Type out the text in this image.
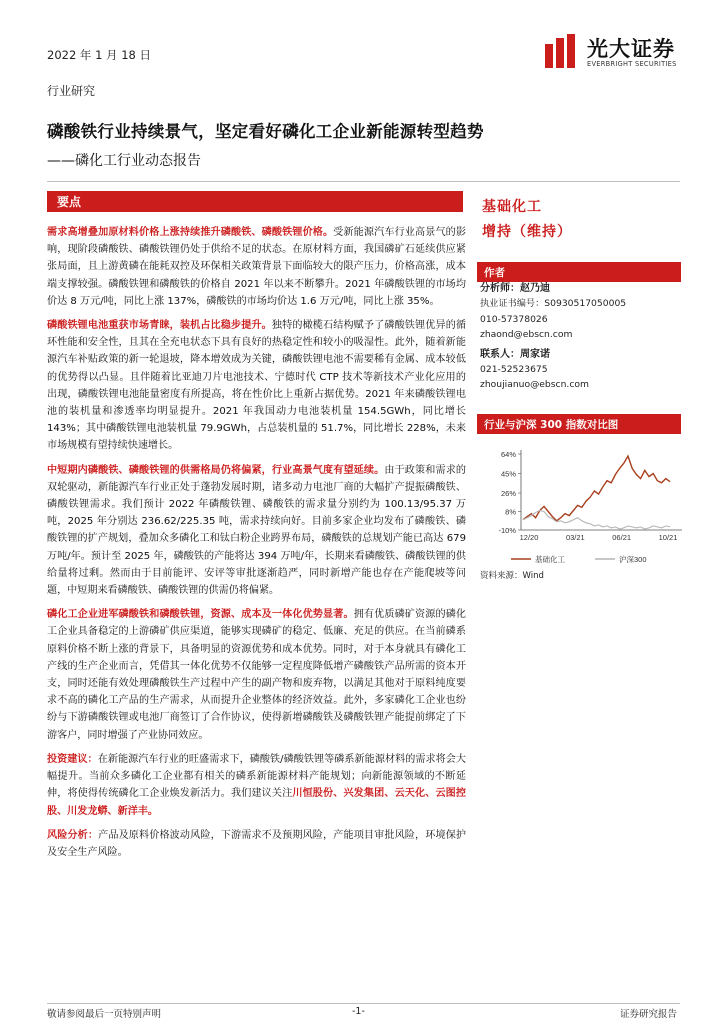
2022 年 1 月 18 日	光大证券
EVERBRIGHT SECURITIES
行业研究
磷酸铁行业持续景气，坚定看好磷化工企业新能源转型趋势
——磷化工行业动态报告
要点

需求高增叠加原材料价格上涨持续推升磷酸铁、磷酸铁锂价格。受新能源汽车行业高景气的影响，现阶段磷酸铁、磷酸铁锂仍处于供给不足的状态。在原材料方面，我国磷矿石延续供应紧张局面，且上游黄磷在能耗双控及环保相关政策背景下面临较大的限产压力，价格高涨，成本端支撑较强。磷酸铁锂和磷酸铁的价格自 2021 年以来不断攀升。2021 年磷酸铁锂的市场均价达 8 万元/吨，同比上涨 137%，磷酸铁的市场均价达 1.6 万元/吨，同比上涨 35%。

磷酸铁锂电池重获市场青睐，装机占比稳步提升。独特的橄榄石结构赋予了磷酸铁锂优异的循环性能和安全性，且其在全充电状态下具有良好的热稳定性和较小的吸湿性。此外，随着新能源汽车补贴政策的新一轮退坡，降本增效成为关键，磷酸铁锂电池不需要稀有金属、成本较低的优势得以凸显。且伴随着比亚迪刀片电池技术、宁德时代 CTP 技术等新技术产业化应用的出现，磷酸铁锂电池能量密度有所提高，将在性价比上重新占据优势。2021 年来磷酸铁锂电池的装机量和渗透率均明显提升。2021 年我国动力电池装机量 154.5GWh，同比增长 143%；其中磷酸铁锂电池装机量 79.9GWh，占总装机量的 51.7%，同比增长 228%，未来市场规模有望持续快速增长。

中短期内磷酸铁、磷酸铁锂的供需格局仍将偏紧，行业高景气度有望延续。由于政策和需求的双轮驱动，新能源汽车行业正处于蓬勃发展时期，诸多动力电池厂商的大幅扩产提振磷酸铁、磷酸铁锂需求。我们预计 2022 年磷酸铁锂、磷酸铁的需求量分别约为 100.13/95.37 万吨，2025 年分别达 236.62/225.35 吨，需求持续向好。目前多家企业均发布了磷酸铁、磷酸铁锂的扩产规划，叠加众多磷化工和钛白粉企业跨界布局，磷酸铁的总规划产能已高达 679 万吨/年。预计至 2025 年，磷酸铁的产能将达 394 万吨/年，长期来看磷酸铁、磷酸铁锂的供给量将过剩。然而由于目前能评、安评等审批逐渐趋严，同时新增产能也存在产能爬坡等问题，中短期来看磷酸铁、磷酸铁锂的供需仍将偏紧。

磷化工企业进军磷酸铁和磷酸铁锂，资源、成本及一体化优势显著。拥有优质磷矿资源的磷化工企业具备稳定的上游磷矿供应渠道，能够实现磷矿的稳定、低廉、充足的供应。在当前磷系原料价格不断上涨的背景下，具备明显的资源优势和成本优势。同时，对于本身就具有磷化工产线的生产企业而言，凭借其一体化优势不仅能够一定程度降低增产磷酸铁产品所需的资本开支，同时还能有效处理磷酸铁生产过程中产生的副产物和废弃物，以满足其他对于原料纯度要求不高的磷化工产品的生产需求，从而提升企业整体的经济效益。此外，多家磷化工企业也纷纷与下游磷酸铁锂或电池厂商签订了合作协议，使得新增磷酸铁及磷酸铁锂产能提前绑定了下游客户，同时增强了产业协同效应。

投资建议：在新能源汽车行业的旺盛需求下，磷酸铁/磷酸铁锂等磷系新能源材料的需求将会大幅提升。当前众多磷化工企业都有相关的磷系新能源材料产能规划；向新能源领域的不断延伸，将使得传统磷化工企业焕发新活力。我们建议关注川恒股份、兴发集团、云天化、云图控股、川发龙蟒、新洋丰。

风险分析：产品及原料价格波动风险，下游需求不及预期风险，产能项目审批风险，环境保护及安全生产风险。

基础化工
增持（维持）
作者
分析师：赵乃迪
执业证书编号：S0930517050005
010-57378026
zhaond@ebscn.com
联系人：周家诺
021-52523675
zhoujianuo@ebscn.com
行业与沪深 300 指数对比图
64%
45%
26%
8%
-10%
12/20	03/21	06/21	10/21
基础化工	沪深300
资料来源：Wind
敬请参阅最后一页特别声明	-1-	证券研究报告
